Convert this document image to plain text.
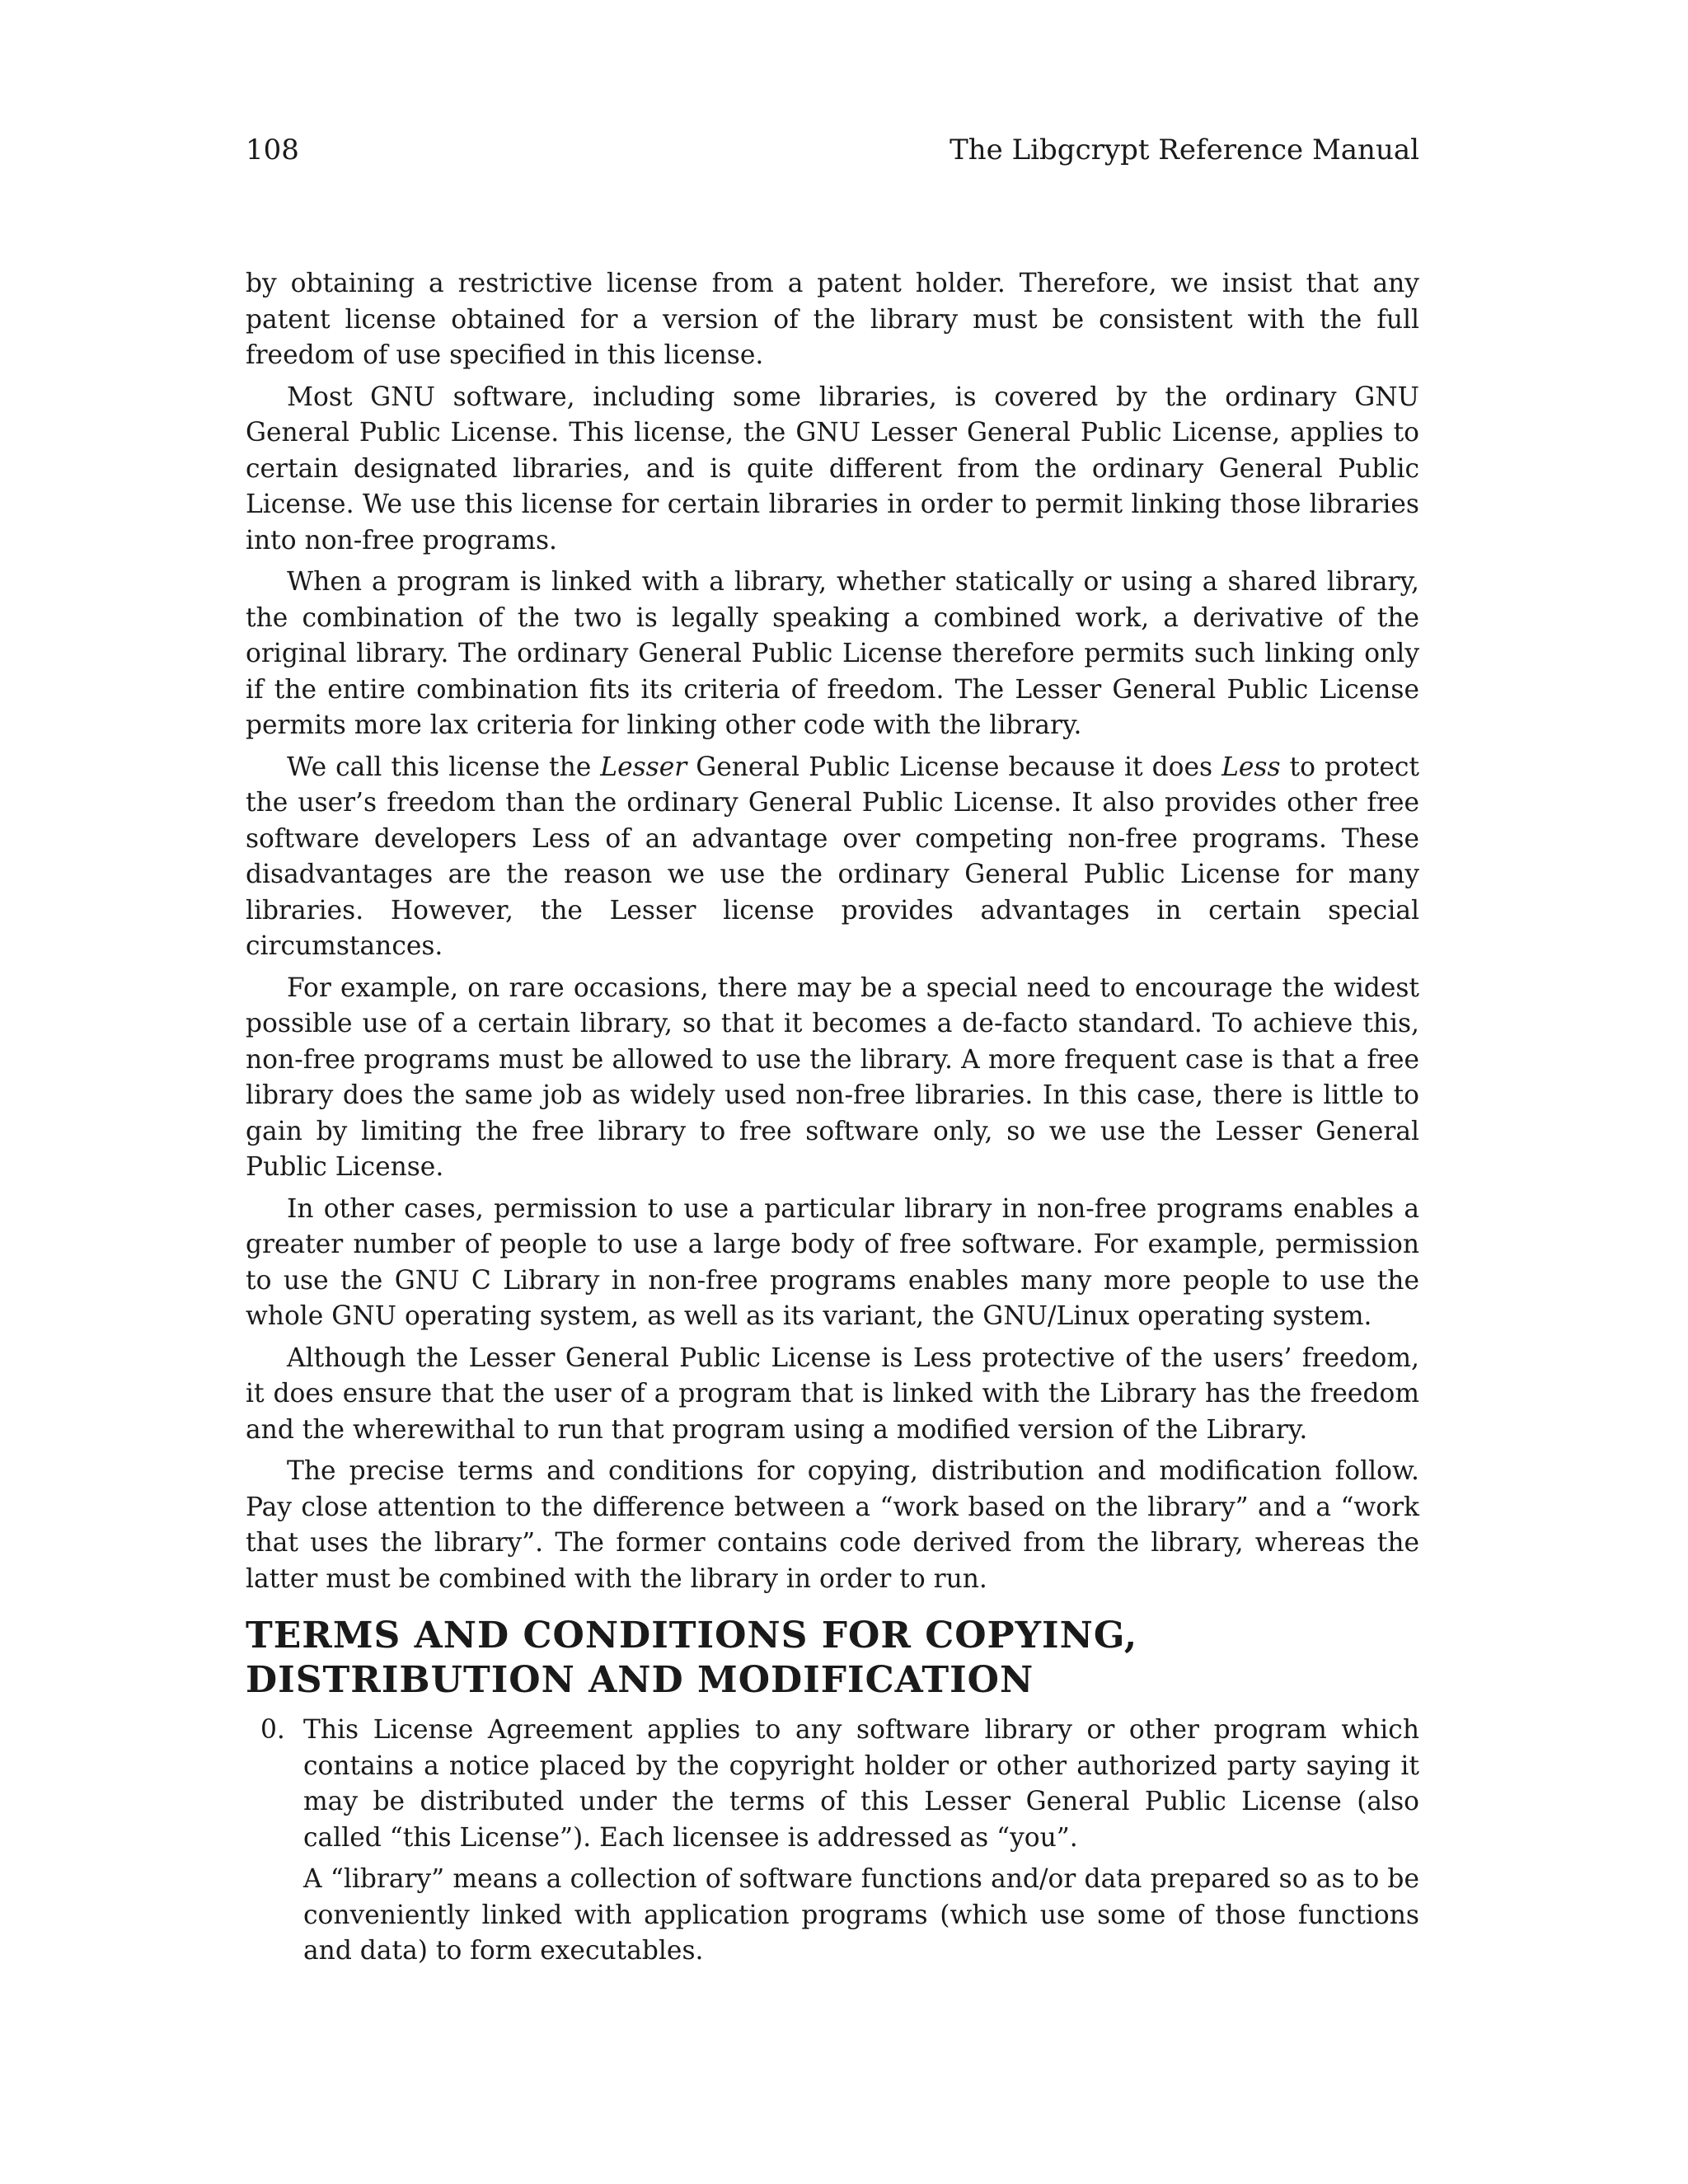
108	The Libgcrypt Reference Manual

by obtaining a restrictive license from a patent holder. Therefore, we insist that any patent license obtained for a version of the library must be consistent with the full freedom of use specified in this license.

Most GNU software, including some libraries, is covered by the ordinary GNU General Public License. This license, the GNU Lesser General Public License, applies to certain designated libraries, and is quite different from the ordinary General Public License. We use this license for certain libraries in order to permit linking those libraries into non-free programs.

When a program is linked with a library, whether statically or using a shared library, the combination of the two is legally speaking a combined work, a derivative of the original library. The ordinary General Public License therefore permits such linking only if the entire combination fits its criteria of freedom. The Lesser General Public License permits more lax criteria for linking other code with the library.

We call this license the Lesser General Public License because it does Less to protect the user’s freedom than the ordinary General Public License. It also provides other free software developers Less of an advantage over competing non-free programs. These disadvantages are the reason we use the ordinary General Public License for many libraries. However, the Lesser license provides advantages in certain special circumstances.

For example, on rare occasions, there may be a special need to encourage the widest possible use of a certain library, so that it becomes a de-facto standard. To achieve this, non-free programs must be allowed to use the library. A more frequent case is that a free library does the same job as widely used non-free libraries. In this case, there is little to gain by limiting the free library to free software only, so we use the Lesser General Public License.

In other cases, permission to use a particular library in non-free programs enables a greater number of people to use a large body of free software. For example, permission to use the GNU C Library in non-free programs enables many more people to use the whole GNU operating system, as well as its variant, the GNU/Linux operating system.

Although the Lesser General Public License is Less protective of the users’ freedom, it does ensure that the user of a program that is linked with the Library has the freedom and the wherewithal to run that program using a modified version of the Library.

The precise terms and conditions for copying, distribution and modification follow. Pay close attention to the difference between a “work based on the library” and a “work that uses the library”. The former contains code derived from the library, whereas the latter must be combined with the library in order to run.

TERMS AND CONDITIONS FOR COPYING,
DISTRIBUTION AND MODIFICATION
0. This License Agreement applies to any software library or other program which contains a notice placed by the copyright holder or other authorized party saying it may be distributed under the terms of this Lesser General Public License (also called “this License”). Each licensee is addressed as “you”.

A “library” means a collection of software functions and/or data prepared so as to be conveniently linked with application programs (which use some of those functions and data) to form executables.
